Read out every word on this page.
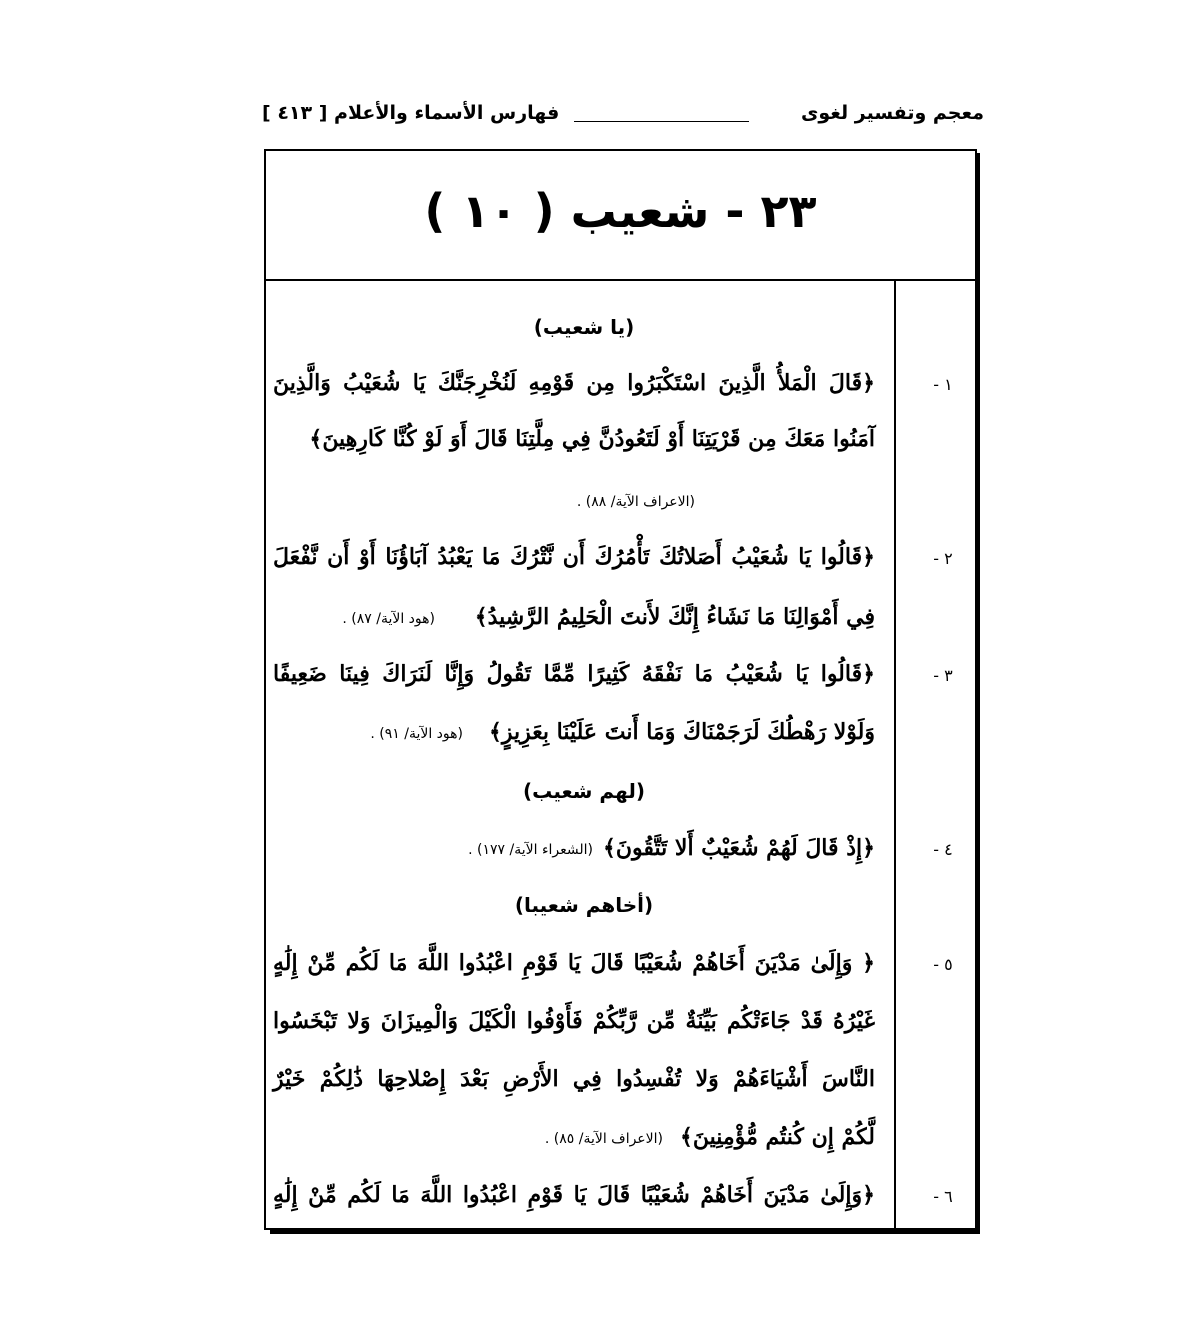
معجم وتفسير لغوى
فهارس الأسماء والأعلام [ ٤١٣ ]
٢٣ - شعيب ( ١٠ )
(يا شعيب)
١ -
﴿قَالَ الْمَلأُ الَّذِينَ اسْتَكْبَرُوا مِن قَوْمِهِ لَنُخْرِجَنَّكَ يَا شُعَيْبُ وَالَّذِينَ
آمَنُوا مَعَكَ مِن قَرْيَتِنَا أَوْ لَتَعُودُنَّ فِي مِلَّتِنَا قَالَ أَوَ لَوْ كُنَّا كَارِهِينَ﴾
(الاعراف الآية/ ٨٨) .
٢ -
﴿قَالُوا يَا شُعَيْبُ أَصَلاتُكَ تَأْمُرُكَ أَن نَّتْرُكَ مَا يَعْبُدُ آبَاؤُنَا أَوْ أَن نَّفْعَلَ
فِي أَمْوَالِنَا مَا نَشَاءُ إِنَّكَ لأَنتَ الْحَلِيمُ الرَّشِيدُ﴾
(هود الآية/ ٨٧) .
٣ -
﴿قَالُوا يَا شُعَيْبُ مَا نَفْقَهُ كَثِيرًا مِّمَّا تَقُولُ وَإِنَّا لَنَرَاكَ فِينَا ضَعِيفًا
وَلَوْلا رَهْطُكَ لَرَجَمْنَاكَ وَمَا أَنتَ عَلَيْنَا بِعَزِيزٍ﴾
(هود الآية/ ٩١) .
(لهم شعيب)
٤ -
﴿إِذْ قَالَ لَهُمْ شُعَيْبٌ أَلا تَتَّقُونَ﴾
(الشعراء الآية/ ١٧٧) .
(أخاهم شعيبا)
٥ -
﴿ وَإِلَىٰ مَدْيَنَ أَخَاهُمْ شُعَيْبًا قَالَ يَا قَوْمِ اعْبُدُوا اللَّهَ مَا لَكُم مِّنْ إِلَٰهٍ
غَيْرُهُ قَدْ جَاءَتْكُم بَيِّنَةٌ مِّن رَّبِّكُمْ فَأَوْفُوا الْكَيْلَ وَالْمِيزَانَ وَلا تَبْخَسُوا
النَّاسَ أَشْيَاءَهُمْ وَلا تُفْسِدُوا فِي الأَرْضِ بَعْدَ إِصْلاحِهَا ذَٰلِكُمْ خَيْرٌ
لَّكُمْ إِن كُنتُم مُّؤْمِنِينَ﴾
(الاعراف الآية/ ٨٥) .
٦ -
﴿وَإِلَىٰ مَدْيَنَ أَخَاهُمْ شُعَيْبًا قَالَ يَا قَوْمِ اعْبُدُوا اللَّهَ مَا لَكُم مِّنْ إِلَٰهٍ
